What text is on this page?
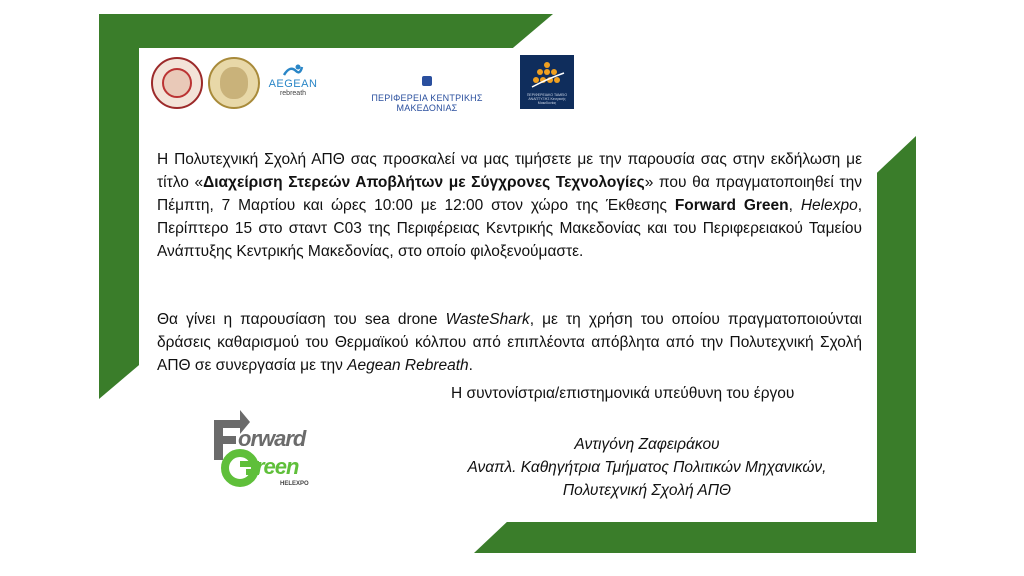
AEGEAN
rebreath	ΠΕΡΙΦΕΡΕΙΑ ΚΕΝΤΡΙΚΗΣ ΜΑΚΕΔΟΝΙΑΣ
ΠΕΡΙΦΕΡΕΙΑΚΟ ΤΑΜΕΙΟ ΑΝΑΠΤΥΞΗΣ Κεντρικής Μακεδονίας

Η Πολυτεχνική Σχολή ΑΠΘ σας προσκαλεί να μας τιμήσετε με την παρουσία σας στην εκδήλωση με τίτλο «Διαχείριση Στερεών Αποβλήτων με Σύγχρονες Τεχνολογίες» που θα πραγματοποιηθεί την Πέμπτη, 7 Μαρτίου και ώρες 10:00 με 12:00 στον χώρο της Έκθεσης Forward Green, Helexpo, Περίπτερο 15 στο σταντ C03 της Περιφέρειας Κεντρικής Μακεδονίας και του Περιφερειακού Ταμείου Ανάπτυξης Κεντρικής Μακεδονίας, στο οποίο φιλοξενούμαστε.

Θα γίνει η παρουσίαση του sea drone WasteShark, με τη χρήση του οποίου πραγματοποιούνται δράσεις καθαρισμού του Θερμαϊκού κόλπου από επιπλέοντα απόβλητα από την Πολυτεχνική Σχολή ΑΠΘ σε συνεργασία με την Aegean Rebreath.

Η συντονίστρια/επιστημονικά υπεύθυνη του έργου
Αντιγόνη Ζαφειράκου
Αναπλ. Καθηγήτρια Τμήματος Πολιτικών Μηχανικών,
Πολυτεχνική Σχολή ΑΠΘ
orward
reen
HELEXPO
